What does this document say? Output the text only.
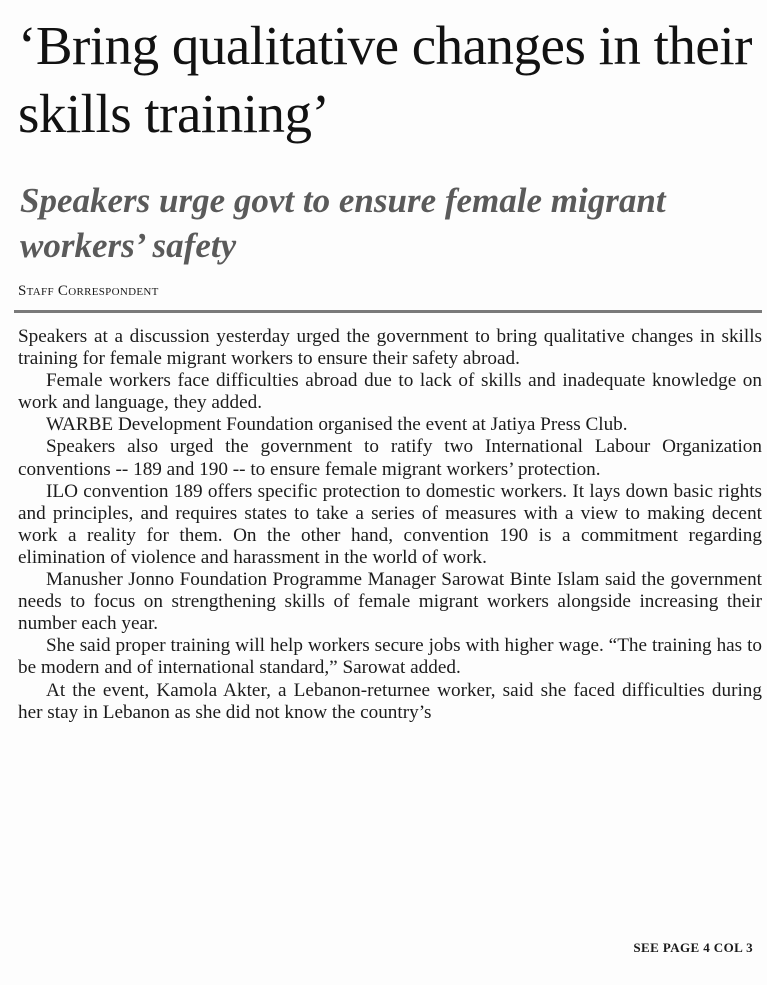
‘Bring qualitative changes in their skills training’
Speakers urge govt to ensure female migrant workers’ safety
Staff Correspondent

Speakers at a discussion yesterday urged the government to bring qualitative changes in skills training for female migrant workers to ensure their safety abroad.

Female workers face difficulties abroad due to lack of skills and inadequate knowledge on work and language, they added.

WARBE Development Foundation organised the event at Jatiya Press Club.

Speakers also urged the government to ratify two International Labour Organization conventions -- 189 and 190 -- to ensure female migrant workers’ protection.

ILO convention 189 offers specific protection to domestic workers. It lays down basic rights and principles, and requires states to take a series of measures with a view to making decent work a reality for them. On the other hand, convention 190 is a commitment regarding elimination of violence and harassment in the world of work.

Manusher Jonno Foundation Programme Manager Sarowat Binte Islam said the government needs to focus on strengthening skills of female migrant workers alongside increasing their number each year.

She said proper training will help workers secure jobs with higher wage. “The training has to be modern and of international standard,” Sarowat added.

At the event, Kamola Akter, a Lebanon-returnee worker, said she faced difficulties during her stay in Lebanon as she did not know the country’s

SEE PAGE 4 COL 3
